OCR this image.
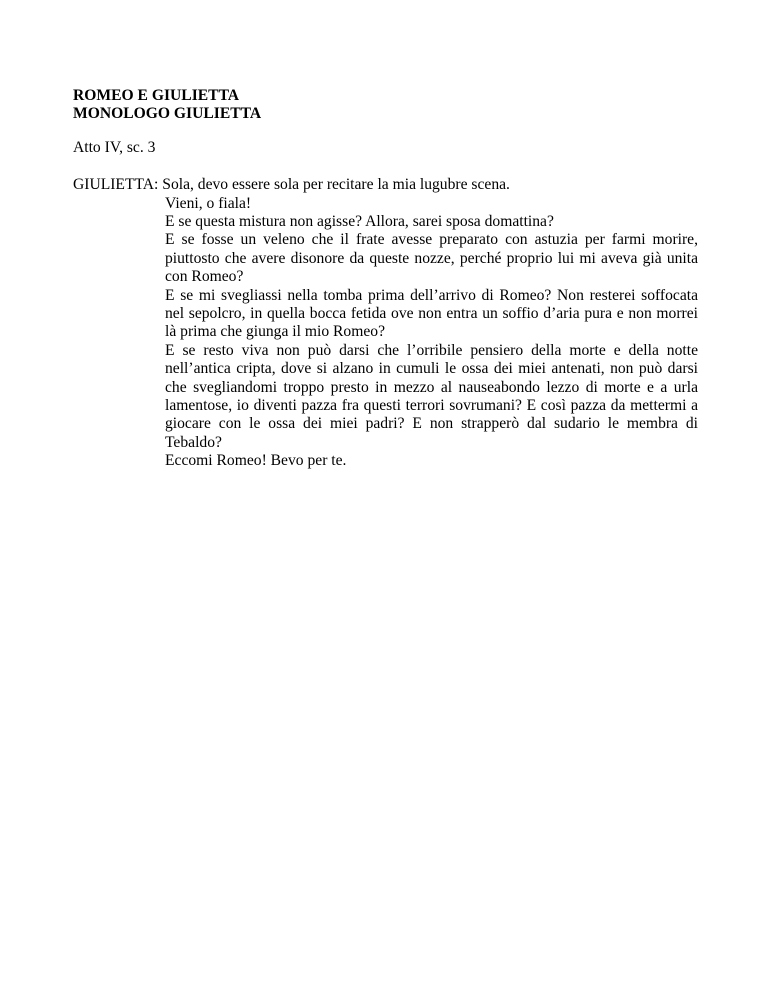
ROMEO E GIULIETTA

MONOLOGO GIULIETTA

Atto IV, sc. 3

GIULIETTA: Sola, devo essere sola per recitare la mia lugubre scena.

Vieni, o fiala!

E se questa mistura non agisse? Allora, sarei sposa domattina?

E se fosse un veleno che il frate avesse preparato con astuzia per farmi morire, piuttosto che avere disonore da queste nozze, perché proprio lui mi aveva già unita con Romeo?

E se mi svegliassi nella tomba prima dell’arrivo di Romeo? Non resterei soffocata nel sepolcro, in quella bocca fetida ove non entra un soffio d’aria pura e non morrei là prima che giunga il mio Romeo?

E se resto viva non può darsi che l’orribile pensiero della morte e della notte nell’antica cripta, dove si alzano in cumuli le ossa dei miei antenati, non può darsi che svegliandomi troppo presto in mezzo al nauseabondo lezzo di morte e a urla lamentose, io diventi pazza fra questi terrori sovrumani? E così pazza da mettermi a giocare con le ossa dei miei padri? E non strapperò dal sudario le membra di Tebaldo?

Eccomi Romeo! Bevo per te.
